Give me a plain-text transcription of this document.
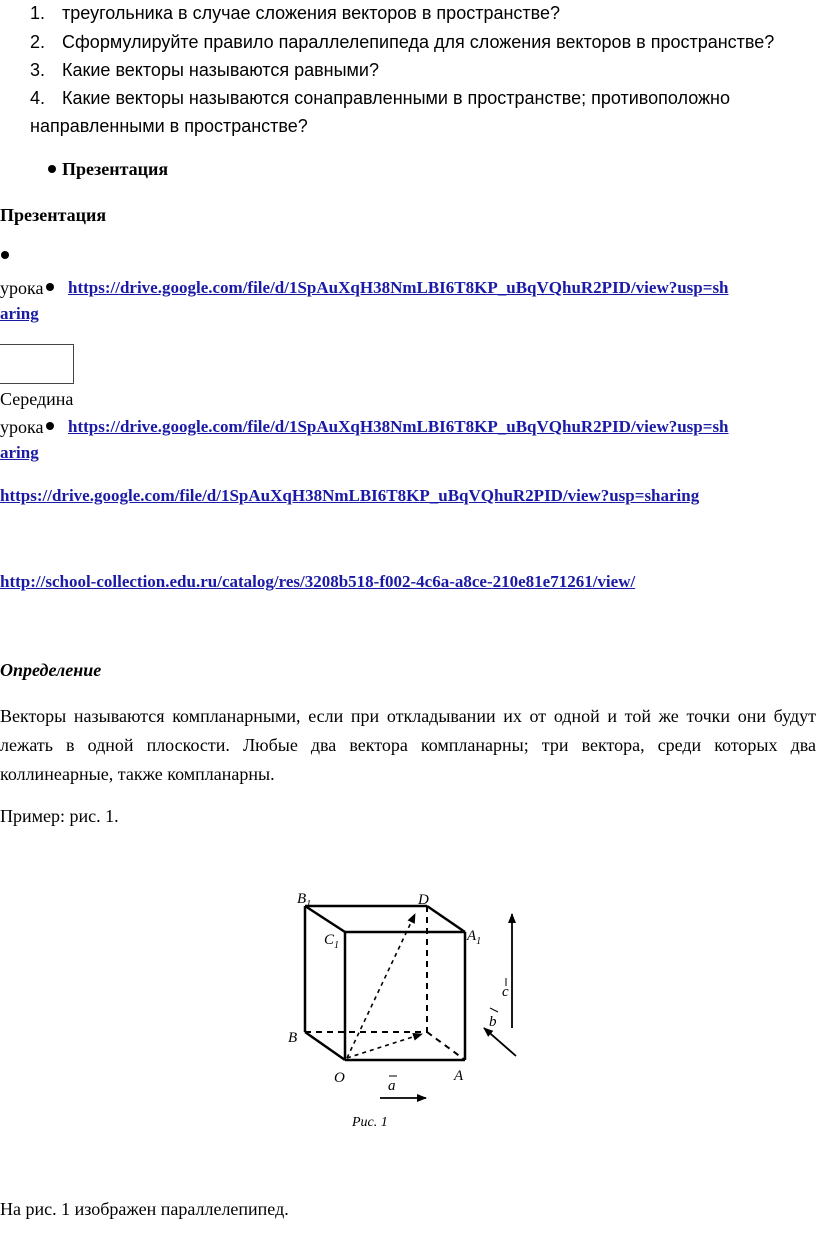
1. треугольника в случае сложения векторов в пространстве?
2. Сформулируйте правило параллелепипеда для сложения векторов в пространстве?
3. Какие векторы называются равными?
4. Какие векторы называются сонаправленными в пространстве; противоположно
направленными в пространстве?
Презентация
Презентация
урока	https://drive.google.com/file/d/1SpAuXqH38NmLBI6T8KP_uBqVQhuR2PID/view?usp=sh
aring
Середина
урока	https://drive.google.com/file/d/1SpAuXqH38NmLBI6T8KP_uBqVQhuR2PID/view?usp=sh
aring
https://drive.google.com/file/d/1SpAuXqH38NmLBI6T8KP_uBqVQhuR2PID/view?usp=sharing
http://school-collection.edu.ru/catalog/res/3208b518-f002-4c6a-a8ce-210e81e71261/view/
Определение
Векторы называются компланарными, если при откладывании их от одной и той же точки они будут лежать в одной плоскости. Любые два вектора компланарны; три вектора, среди которых два коллинеарные, также компланарны.
Пример: рис. 1.
$B_1$	D
$C_1$
$A_1$
B
O	A
a
b
c
Рис. 1
На рис. 1 изображен параллелепипед.
